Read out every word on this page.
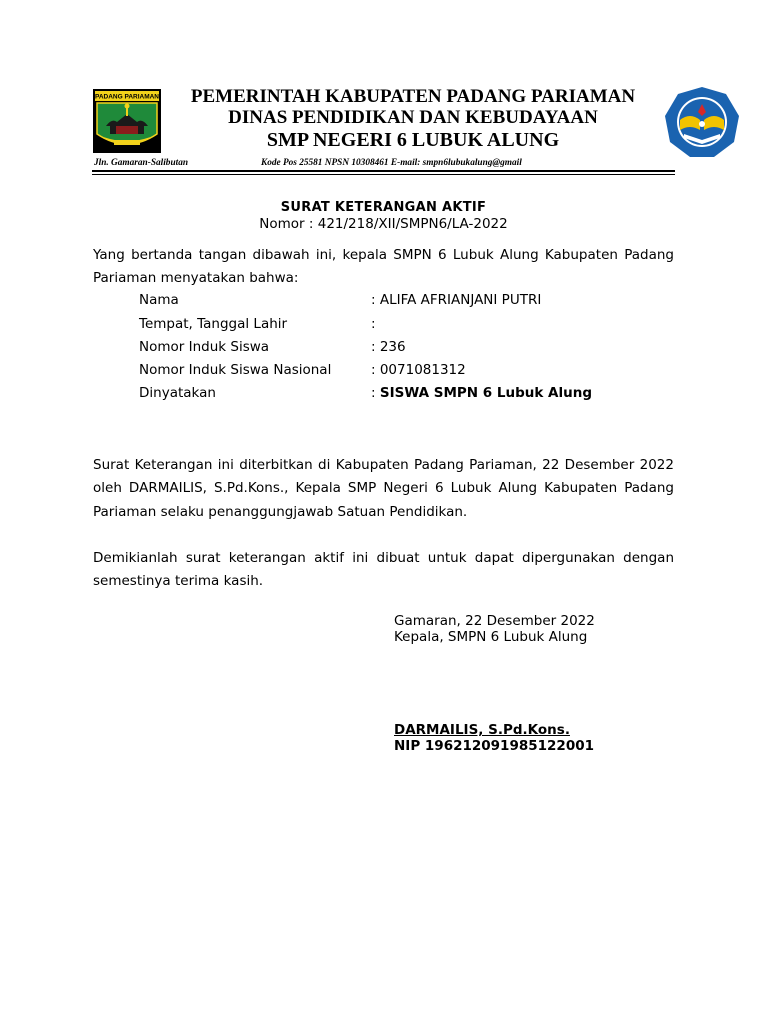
PADANG PARIAMAN	PEMERINTAH KABUPATEN PADANG PARIAMAN
DINAS PENDIDIKAN DAN KEBUDAYAAN
SMP NEGERI 6 LUBUK ALUNG
Jln. Gamaran-Salibutan	Kode Pos 25581 NPSN 10308461 E-mail: smpn6lubukalung@gmail
SURAT KETERANGAN AKTIF
Nomor : 421/218/XII/SMPN6/LA-2022

Yang bertanda tangan dibawah ini, kepala SMPN 6 Lubuk Alung Kabupaten Padang Pariaman menyatakan bahwa:

Nama	: ALIFA AFRIANJANI PUTRI
Tempat, Tanggal Lahir	:
Nomor Induk Siswa	: 236
Nomor Induk Siswa Nasional	: 0071081312
Dinyatakan	: SISWA SMPN 6 Lubuk Alung

Surat Keterangan ini diterbitkan di Kabupaten Padang Pariaman, 22 Desember 2022 oleh DARMAILIS, S.Pd.Kons., Kepala SMP Negeri 6 Lubuk Alung Kabupaten Padang Pariaman selaku penanggungjawab Satuan Pendidikan.

Demikianlah surat keterangan aktif ini dibuat untuk dapat dipergunakan dengan semestinya terima kasih.

Gamaran, 22 Desember 2022
Kepala, SMPN 6 Lubuk Alung
DARMAILIS, S.Pd.Kons.
NIP 196212091985122001
